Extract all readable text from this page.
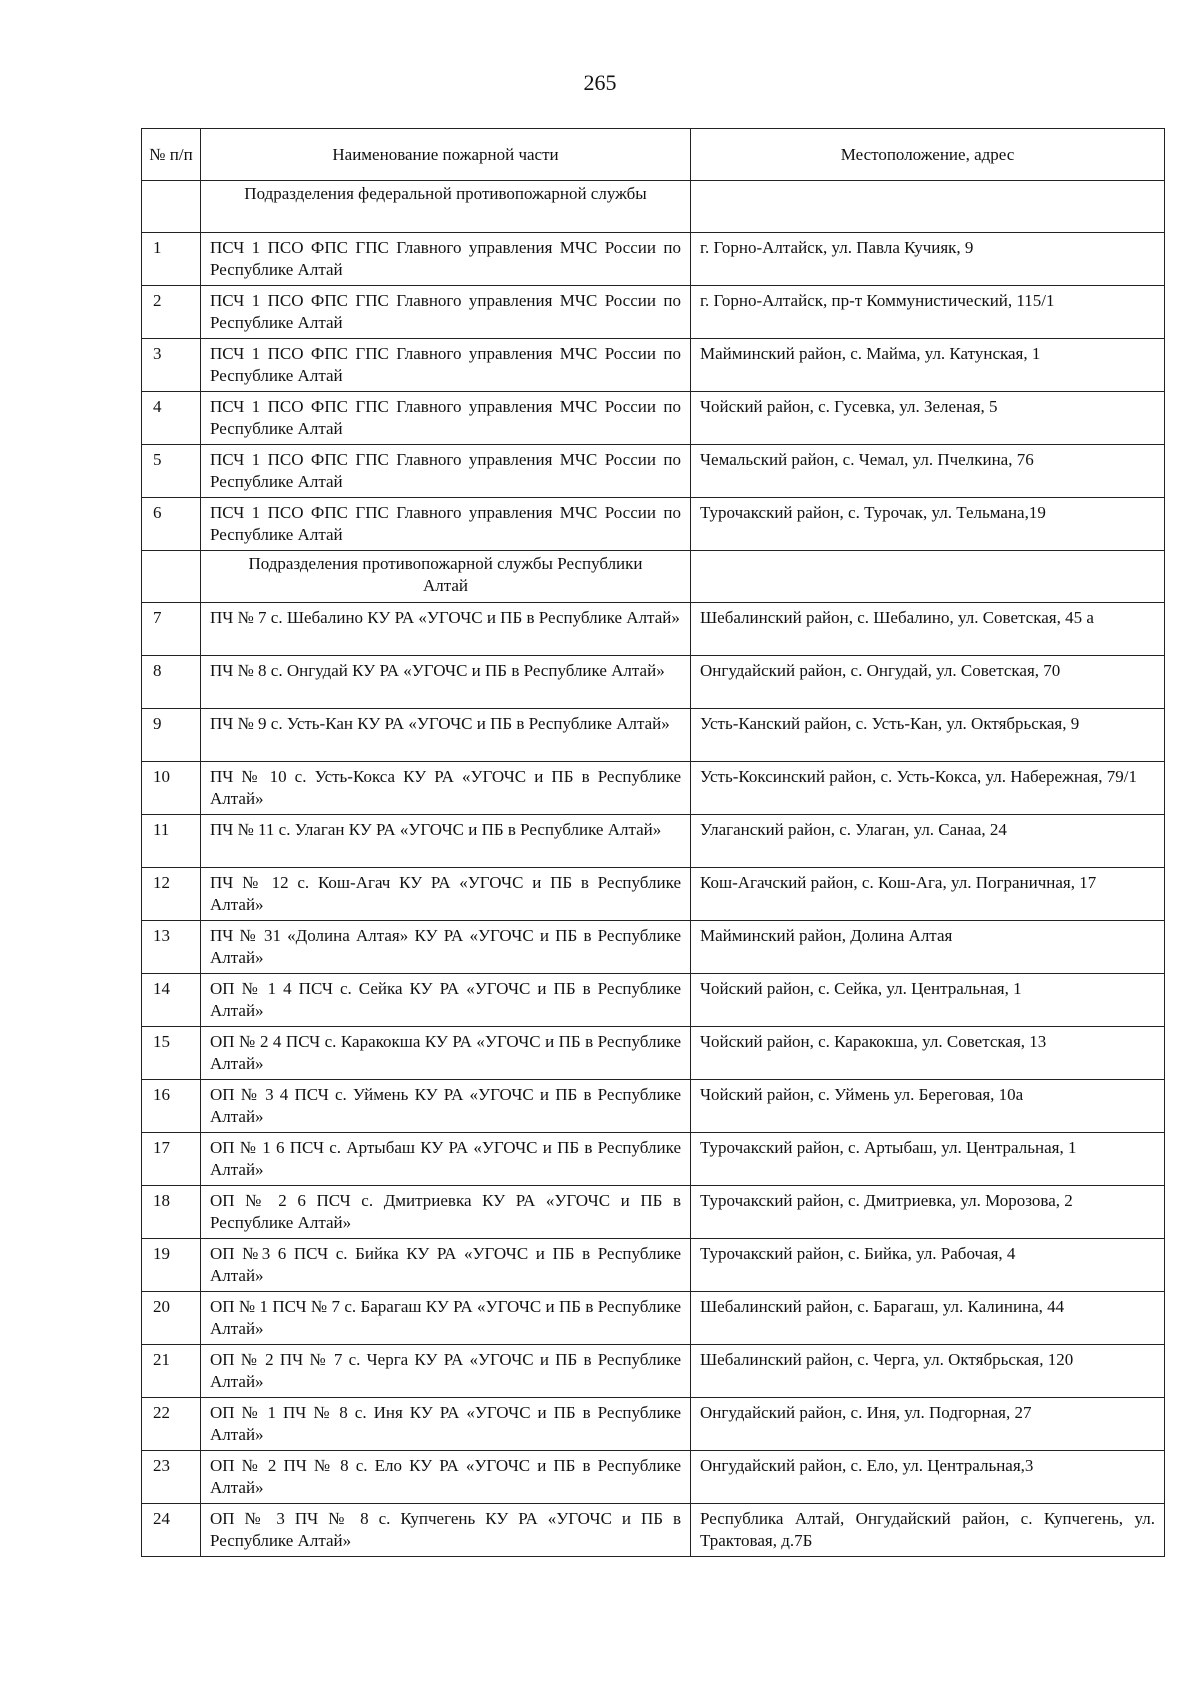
265
№ п/п	Наименование пожарной части	Местоположение, адрес
	Подразделения федеральной противопожарной службы	
1	ПСЧ 1 ПСО ФПС ГПС Главного управления МЧС России по Республике Алтай	г. Горно-Алтайск, ул. Павла Кучияк, 9
2	ПСЧ 1 ПСО ФПС ГПС Главного управления МЧС России по Республике Алтай	г. Горно-Алтайск, пр-т Коммунистический, 115/1
3	ПСЧ 1 ПСО ФПС ГПС Главного управления МЧС России по Республике Алтай	Майминский район, с. Майма, ул. Катунская, 1
4	ПСЧ 1 ПСО ФПС ГПС Главного управления МЧС России по Республике Алтай	Чойский район, с. Гусевка, ул. Зеленая, 5
5	ПСЧ 1 ПСО ФПС ГПС Главного управления МЧС России по Республике Алтай	Чемальский район, с. Чемал, ул. Пчелкина, 76
6	ПСЧ 1 ПСО ФПС ГПС Главного управления МЧС России по Республике Алтай	Турочакский район, с. Турочак, ул. Тельмана,19
	Подразделения противопожарной службы Республики Алтай	
7	ПЧ № 7 с. Шебалино КУ РА «УГОЧС и ПБ в Республике Алтай»	Шебалинский район, с. Шебалино, ул. Советская, 45 а
8	ПЧ № 8 с. Онгудай КУ РА «УГОЧС и ПБ в Республике Алтай»	Онгудайский район, с. Онгудай, ул. Советская, 70
9	ПЧ № 9 с. Усть-Кан КУ РА «УГОЧС и ПБ в Республике Алтай»	Усть-Канский район, с. Усть-Кан, ул. Октябрьская, 9
10	ПЧ № 10 с. Усть-Кокса КУ РА «УГОЧС и ПБ в Республике Алтай»	Усть-Коксинский район, с. Усть-Кокса, ул. Набережная, 79/1
11	ПЧ № 11 с. Улаган КУ РА «УГОЧС и ПБ в Республике Алтай»	Улаганский район, с. Улаган, ул. Санаа, 24
12	ПЧ № 12 с. Кош-Агач КУ РА «УГОЧС и ПБ в Республике Алтай»	Кош-Агачский район, с. Кош-Ага, ул. Пограничная, 17
13	ПЧ № 31 «Долина Алтая» КУ РА «УГОЧС и ПБ в Республике Алтай»	Майминский район, Долина Алтая
14	ОП № 1 4 ПСЧ с. Сейка КУ РА «УГОЧС и ПБ в Республике Алтай»	Чойский район, с. Сейка, ул. Центральная, 1
15	ОП № 2 4 ПСЧ с. Каракокша КУ РА «УГОЧС и ПБ в Республике Алтай»	Чойский район, с. Каракокша, ул. Советская, 13
16	ОП № 3 4 ПСЧ с. Уймень КУ РА «УГОЧС и ПБ в Республике Алтай»	Чойский район, с. Уймень ул. Береговая, 10а
17	ОП № 1 6 ПСЧ с. Артыбаш КУ РА «УГОЧС и ПБ в Республике Алтай»	Турочакский район, с. Артыбаш, ул. Центральная, 1
18	ОП № 2 6 ПСЧ с. Дмитриевка КУ РА «УГОЧС и ПБ в Республике Алтай»	Турочакский район, с. Дмитриевка, ул. Морозова, 2
19	ОП №3 6 ПСЧ с. Бийка КУ РА «УГОЧС и ПБ в Республике Алтай»	Турочакский район, с. Бийка, ул. Рабочая, 4
20	ОП № 1 ПСЧ № 7 с. Барагаш КУ РА «УГОЧС и ПБ в Республике Алтай»	Шебалинский район, с. Барагаш, ул. Калинина, 44
21	ОП № 2 ПЧ № 7 с. Черга КУ РА «УГОЧС и ПБ в Республике Алтай»	Шебалинский район, с. Черга, ул. Октябрьская, 120
22	ОП № 1 ПЧ № 8 с. Иня КУ РА «УГОЧС и ПБ в Республике Алтай»	Онгудайский район, с. Иня, ул. Подгорная, 27
23	ОП № 2 ПЧ № 8 с. Ело КУ РА «УГОЧС и ПБ в Республике Алтай»	Онгудайский район, с. Ело, ул. Центральная,3
24	ОП № 3 ПЧ № 8 с. Купчегень КУ РА «УГОЧС и ПБ в Республике Алтай»	Республика Алтай, Онгудайский район, с. Купчегень, ул. Трактовая, д.7Б
